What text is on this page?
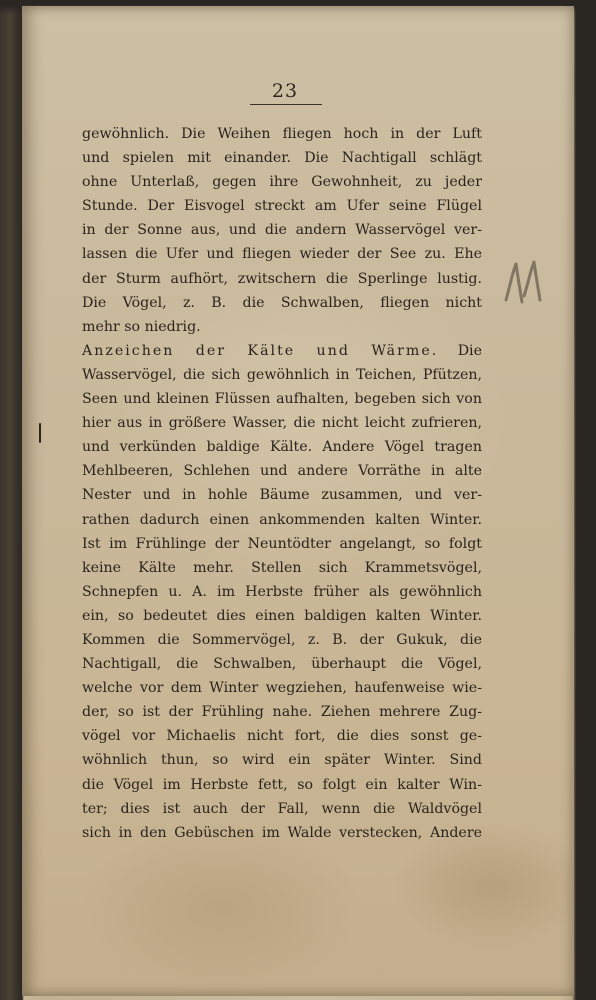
23
gewöhnlich. Die Weihen fliegen hoch in der Luft
und spielen mit einander. Die Nachtigall schlägt
ohne Unterlaß, gegen ihre Gewohnheit, zu jeder
Stunde. Der Eisvogel streckt am Ufer seine Flügel
in der Sonne aus, und die andern Wasservögel ver-
lassen die Ufer und fliegen wieder der See zu. Ehe
der Sturm aufhört, zwitschern die Sperlinge lustig.
Die Vögel, z. B. die Schwalben, fliegen nicht
mehr so niedrig.
Anzeichen der Kälte und Wärme. Die
Wasservögel, die sich gewöhnlich in Teichen, Pfützen,
Seen und kleinen Flüssen aufhalten, begeben sich von
hier aus in größere Wasser, die nicht leicht zufrieren,
und verkünden baldige Kälte. Andere Vögel tragen
Mehlbeeren, Schlehen und andere Vorräthe in alte
Nester und in hohle Bäume zusammen, und ver-
rathen dadurch einen ankommenden kalten Winter.
Ist im Frühlinge der Neuntödter angelangt, so folgt
keine Kälte mehr. Stellen sich Krammetsvögel,
Schnepfen u. A. im Herbste früher als gewöhnlich
ein, so bedeutet dies einen baldigen kalten Winter.
Kommen die Sommervögel, z. B. der Gukuk, die
Nachtigall, die Schwalben, überhaupt die Vögel,
welche vor dem Winter wegziehen, haufenweise wie-
der, so ist der Frühling nahe. Ziehen mehrere Zug-
vögel vor Michaelis nicht fort, die dies sonst ge-
wöhnlich thun, so wird ein später Winter. Sind
die Vögel im Herbste fett, so folgt ein kalter Win-
ter; dies ist auch der Fall, wenn die Waldvögel
sich in den Gebüschen im Walde verstecken, Andere
